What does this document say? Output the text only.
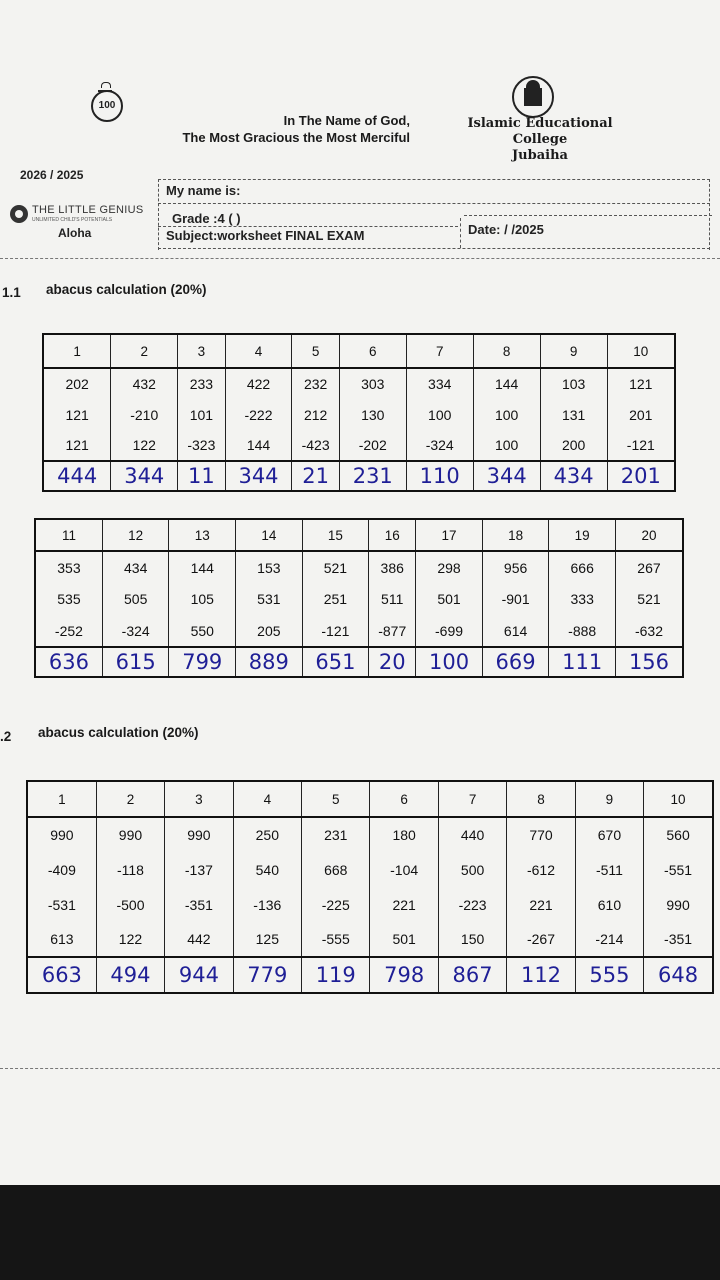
100
In The Name of God,
The Most Gracious the Most Merciful
Islamic Educational
College
Jubaiha
2026 / 2025
My name is:
Grade :4 ( )
Subject:worksheet FINAL EXAM	Date: / /2025
THE LITTLE GENIUS
UNLIMITED CHILD'S POTENTIALS
Aloha
1.1 abacus calculation (20%)
1	2	3	4	5	6	7	8	9	10
202	432	233	422	232	303	334	144	103	121
121	-210	101	-222	212	130	100	100	131	201
121	122	-323	144	-423	-202	-324	100	200	-121
444	344	11	344	21	231	110	344	434	201
11	12	13	14	15	16	17	18	19	20
353	434	144	153	521	386	298	956	666	267
535	505	105	531	251	511	501	-901	333	521
-252	-324	550	205	-121	-877	-699	614	-888	-632
636	615	799	889	651	20	100	669	111	156
.2 abacus calculation (20%)
1	2	3	4	5	6	7	8	9	10
990	990	990	250	231	180	440	770	670	560
-409	-118	-137	540	668	-104	500	-612	-511	-551
-531	-500	-351	-136	-225	221	-223	221	610	990
613	122	442	125	-555	501	150	-267	-214	-351
663	494	944	779	119	798	867	112	555	648
